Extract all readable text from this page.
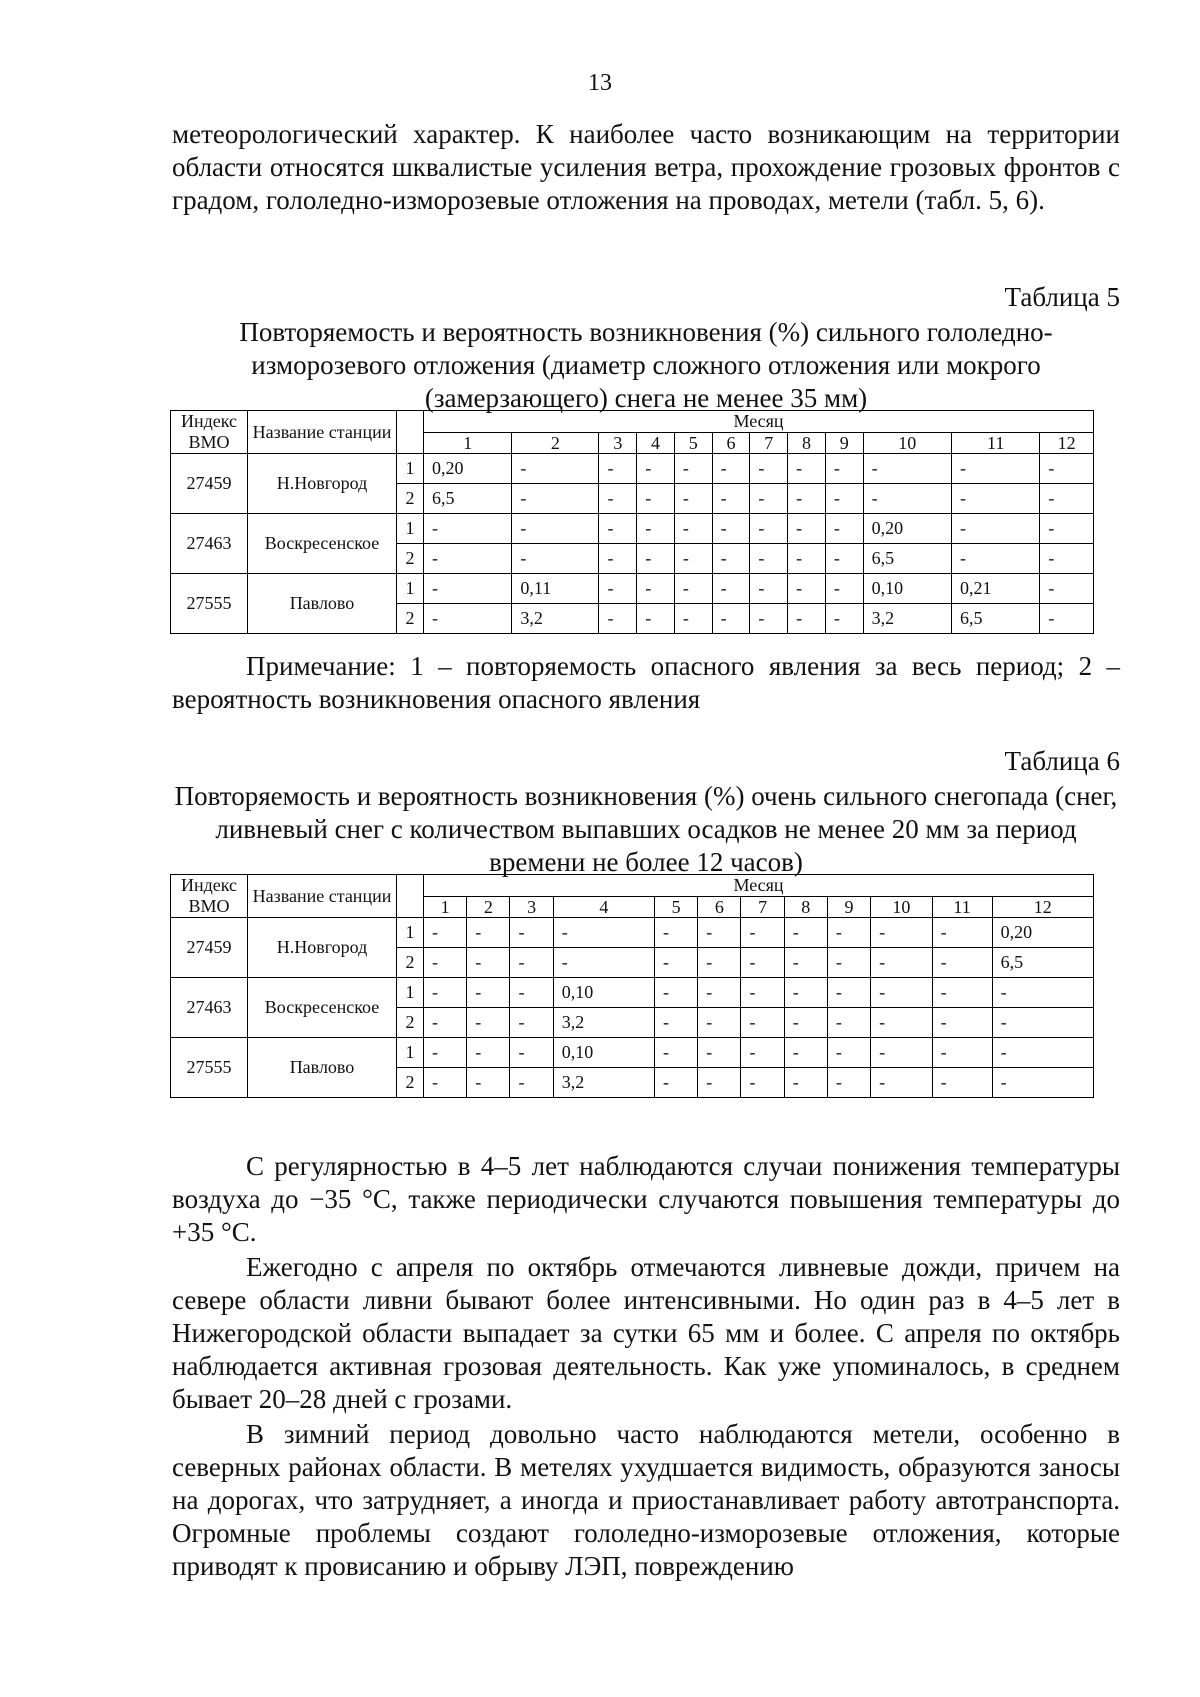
13

метеорологический характер. К наиболее часто возникающим на территории области относятся шквалистые усиления ветра, прохождение грозовых фронтов с градом, гололедно-изморозевые отложения на проводах, метели (табл. 5, 6).

Таблица 5

Повторяемость и вероятность возникновения (%) сильного гололедно-изморозевого отложения (диаметр сложного отложения или мокрого (замерзающего) снега не менее 35 мм)

Индекс ВМО	Название станции		Месяц											
			1	2	3	4	5	6	7	8	9	10	11	12
27459	Н.Новгород	1	0,20	-	-	-	-	-	-	-	-	-	-	-
		2	6,5	-	-	-	-	-	-	-	-	-	-	-
27463	Воскресенское	1	-	-	-	-	-	-	-	-	-	0,20	-	-
		2	-	-	-	-	-	-	-	-	-	6,5	-	-
27555	Павлово	1	-	0,11	-	-	-	-	-	-	-	0,10	0,21	-
		2	-	3,2	-	-	-	-	-	-	-	3,2	6,5	-

Примечание: 1 – повторяемость опасного явления за весь период; 2 – вероятность возникновения опасного явления

Таблица 6

Повторяемость и вероятность возникновения (%) очень сильного снегопада (снег, ливневый снег с количеством выпавших осадков не менее 20 мм за период времени не более 12 часов)

Индекс ВМО	Название станции		Месяц											
			1	2	3	4	5	6	7	8	9	10	11	12
27459	Н.Новгород	1	-	-	-	-	-	-	-	-	-	-	-	0,20
		2	-	-	-	-	-	-	-	-	-	-	-	6,5
27463	Воскресенское	1	-	-	-	0,10	-	-	-	-	-	-	-	-
		2	-	-	-	3,2	-	-	-	-	-	-	-	-
27555	Павлово	1	-	-	-	0,10	-	-	-	-	-	-	-	-
		2	-	-	-	3,2	-	-	-	-	-	-	-	-

С регулярностью в 4–5 лет наблюдаются случаи понижения температуры воздуха до −35 °С, также периодически случаются повышения температуры до +35 °С.

Ежегодно с апреля по октябрь отмечаются ливневые дожди, причем на севере области ливни бывают более интенсивными. Но один раз в 4–5 лет в Нижегородской области выпадает за сутки 65 мм и более. С апреля по октябрь наблюдается активная грозовая деятельность. Как уже упоминалось, в среднем бывает 20–28 дней с грозами.

В зимний период довольно часто наблюдаются метели, особенно в северных районах области. В метелях ухудшается видимость, образуются заносы на дорогах, что затрудняет, а иногда и приостанавливает работу автотранспорта. Огромные проблемы создают гололедно-изморозевые отложения, которые приводят к провисанию и обрыву ЛЭП, повреждению
